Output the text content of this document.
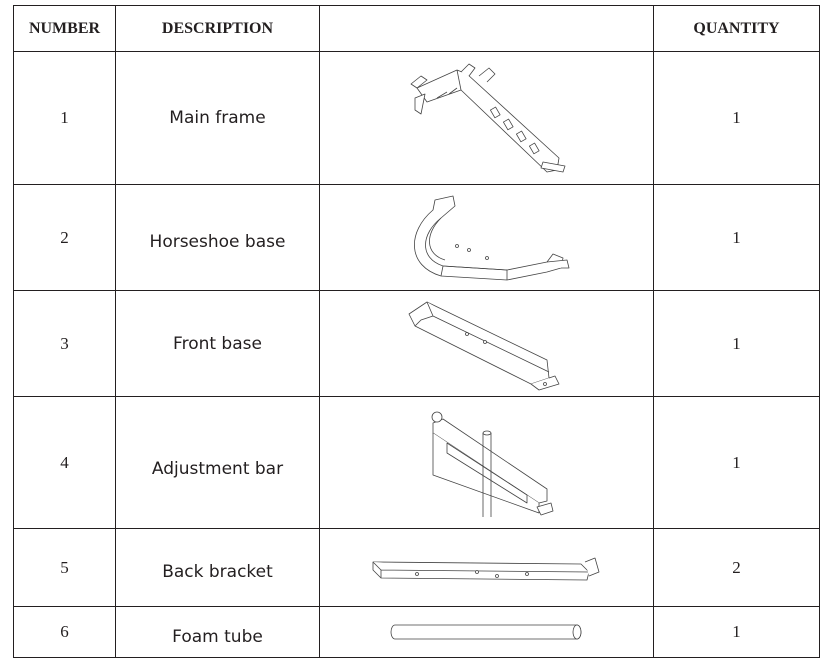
NUMBER	DESCRIPTION		QUANTITY
1	Main frame		1
2	Horseshoe base		1
3	Front base		1
4	Adjustment bar		1
5	Back bracket		2
6	Foam tube		1
